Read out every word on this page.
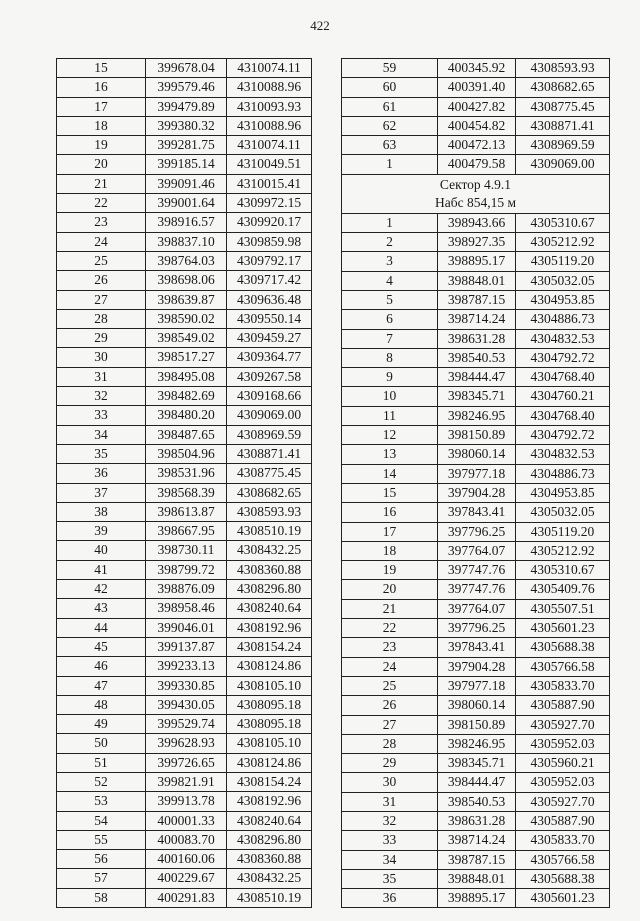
422
15	399678.04	4310074.11
16	399579.46	4310088.96
17	399479.89	4310093.93
18	399380.32	4310088.96
19	399281.75	4310074.11
20	399185.14	4310049.51
21	399091.46	4310015.41
22	399001.64	4309972.15
23	398916.57	4309920.17
24	398837.10	4309859.98
25	398764.03	4309792.17
26	398698.06	4309717.42
27	398639.87	4309636.48
28	398590.02	4309550.14
29	398549.02	4309459.27
30	398517.27	4309364.77
31	398495.08	4309267.58
32	398482.69	4309168.66
33	398480.20	4309069.00
34	398487.65	4308969.59
35	398504.96	4308871.41
36	398531.96	4308775.45
37	398568.39	4308682.65
38	398613.87	4308593.93
39	398667.95	4308510.19
40	398730.11	4308432.25
41	398799.72	4308360.88
42	398876.09	4308296.80
43	398958.46	4308240.64
44	399046.01	4308192.96
45	399137.87	4308154.24
46	399233.13	4308124.86
47	399330.85	4308105.10
48	399430.05	4308095.18
49	399529.74	4308095.18
50	399628.93	4308105.10
51	399726.65	4308124.86
52	399821.91	4308154.24
53	399913.78	4308192.96
54	400001.33	4308240.64
55	400083.70	4308296.80
56	400160.06	4308360.88
57	400229.67	4308432.25
58	400291.83	4308510.19
59	400345.92	4308593.93
60	400391.40	4308682.65
61	400427.82	4308775.45
62	400454.82	4308871.41
63	400472.13	4308969.59
1	400479.58	4309069.00

Сектор 4.9.1
Набс 854,15 м		

1	398943.66	4305310.67
2	398927.35	4305212.92
3	398895.17	4305119.20
4	398848.01	4305032.05
5	398787.15	4304953.85
6	398714.24	4304886.73
7	398631.28	4304832.53
8	398540.53	4304792.72
9	398444.47	4304768.40
10	398345.71	4304760.21
11	398246.95	4304768.40
12	398150.89	4304792.72
13	398060.14	4304832.53
14	397977.18	4304886.73
15	397904.28	4304953.85
16	397843.41	4305032.05
17	397796.25	4305119.20
18	397764.07	4305212.92
19	397747.76	4305310.67
20	397747.76	4305409.76
21	397764.07	4305507.51
22	397796.25	4305601.23
23	397843.41	4305688.38
24	397904.28	4305766.58
25	397977.18	4305833.70
26	398060.14	4305887.90
27	398150.89	4305927.70
28	398246.95	4305952.03
29	398345.71	4305960.21
30	398444.47	4305952.03
31	398540.53	4305927.70
32	398631.28	4305887.90
33	398714.24	4305833.70
34	398787.15	4305766.58
35	398848.01	4305688.38
36	398895.17	4305601.23
